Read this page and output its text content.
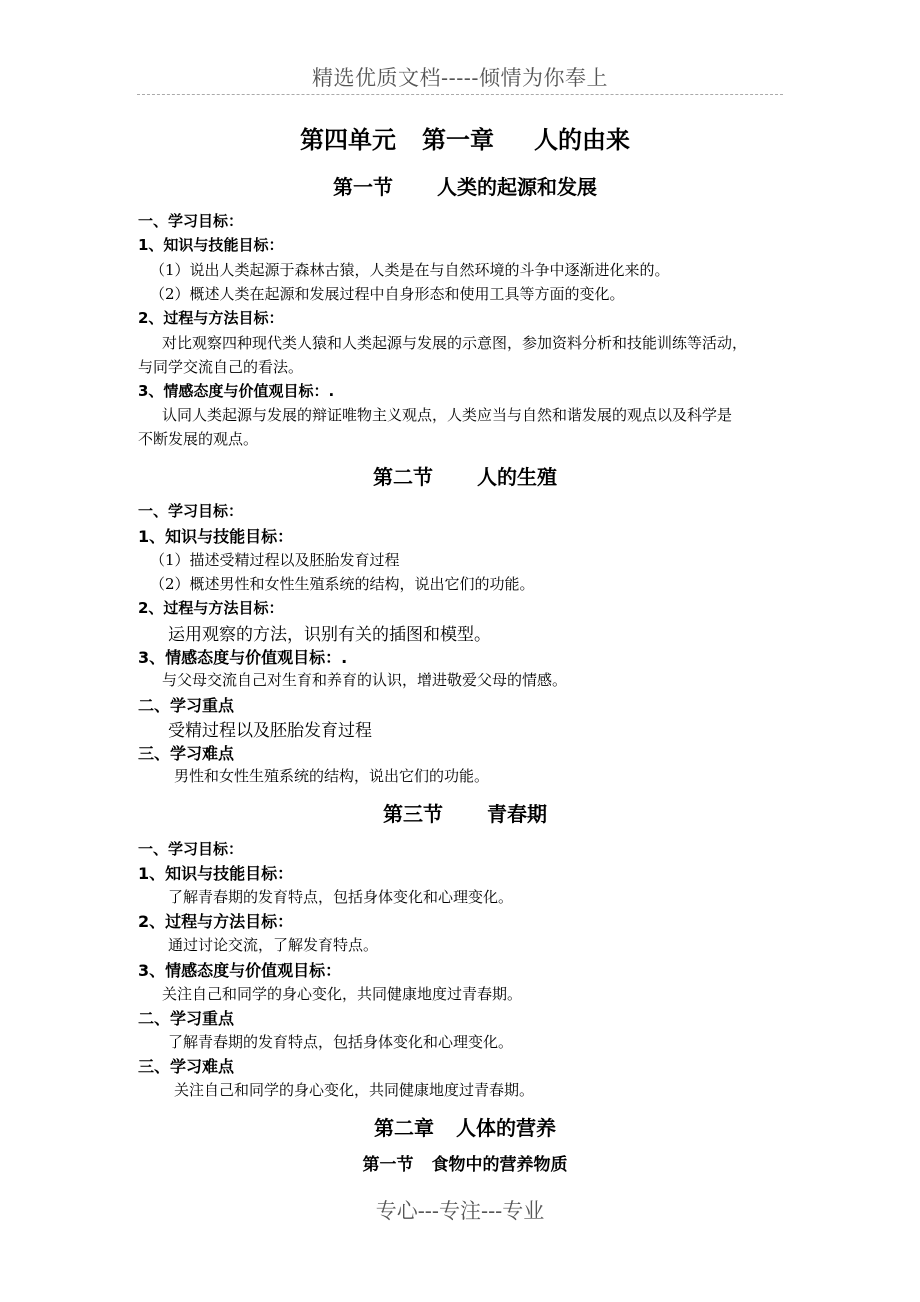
精选优质文档-----倾情为你奉上
第四单元 第一章 人的由来
第一节 人类的起源和发展
一、学习目标：
1、知识与技能目标：
（1）说出人类起源于森林古猿，人类是在与自然环境的斗争中逐渐进化来的。
（2）概述人类在起源和发展过程中自身形态和使用工具等方面的变化。
2、过程与方法目标：
对比观察四种现代类人猿和人类起源与发展的示意图，参加资料分析和技能训练等活动，
与同学交流自己的看法。
3、情感态度与价值观目标：.
认同人类起源与发展的辩证唯物主义观点，人类应当与自然和谐发展的观点以及科学是
不断发展的观点。
第二节 人的生殖
一、学习目标：
1、知识与技能目标：
（1）描述受精过程以及胚胎发育过程
（2）概述男性和女性生殖系统的结构，说出它们的功能。
2、过程与方法目标：
运用观察的方法，识别有关的插图和模型。
3、情感态度与价值观目标：.
与父母交流自己对生育和养育的认识，增进敬爱父母的情感。
二、学习重点
受精过程以及胚胎发育过程
三、学习难点
男性和女性生殖系统的结构，说出它们的功能。
第三节 青春期
一、学习目标：
1、知识与技能目标：
了解青春期的发育特点，包括身体变化和心理变化。
2、过程与方法目标：
通过讨论交流，了解发育特点。
3、情感态度与价值观目标：
关注自己和同学的身心变化，共同健康地度过青春期。
二、学习重点
了解青春期的发育特点，包括身体变化和心理变化。
三、学习难点
关注自己和同学的身心变化，共同健康地度过青春期。
第二章 人体的营养
第一节 食物中的营养物质
专心---专注---专业
